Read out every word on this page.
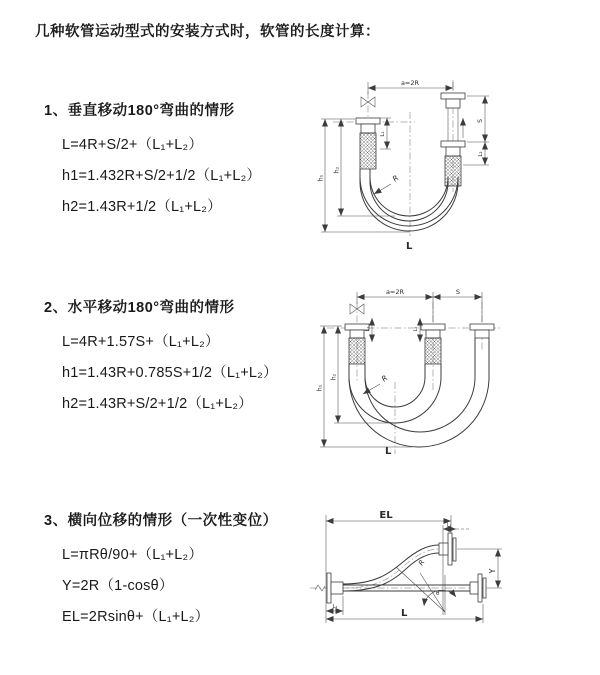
几种软管运动型式的安装方式时，软管的长度计算：
1、垂直移动180°弯曲的情形

L=4R+S/2+（L₁+L₂）

h1=1.432R+S/2+1/2（L₁+L₂）

h2=1.43R+1/2（L₁+L₂）

a=2R
L₁
S
L₂
h₁
h₂
R
L
2、水平移动180°弯曲的情形

L=4R+1.57S+（L₁+L₂）

h1=1.43R+0.785S+1/2（L₁+L₂）

h2=1.43R+S/2+1/2（L₁+L₂）

a=2R	S
L₁	L₂
h₁
h₂	R
L
3、横向位移的情形（一次性变位）

L=πRθ/90+（L₁+L₂）

Y=2R（1-cosθ）

EL=2Rsinθ+（L₁+L₂）

EL
L₁
Y
R
θ
L
L₂
